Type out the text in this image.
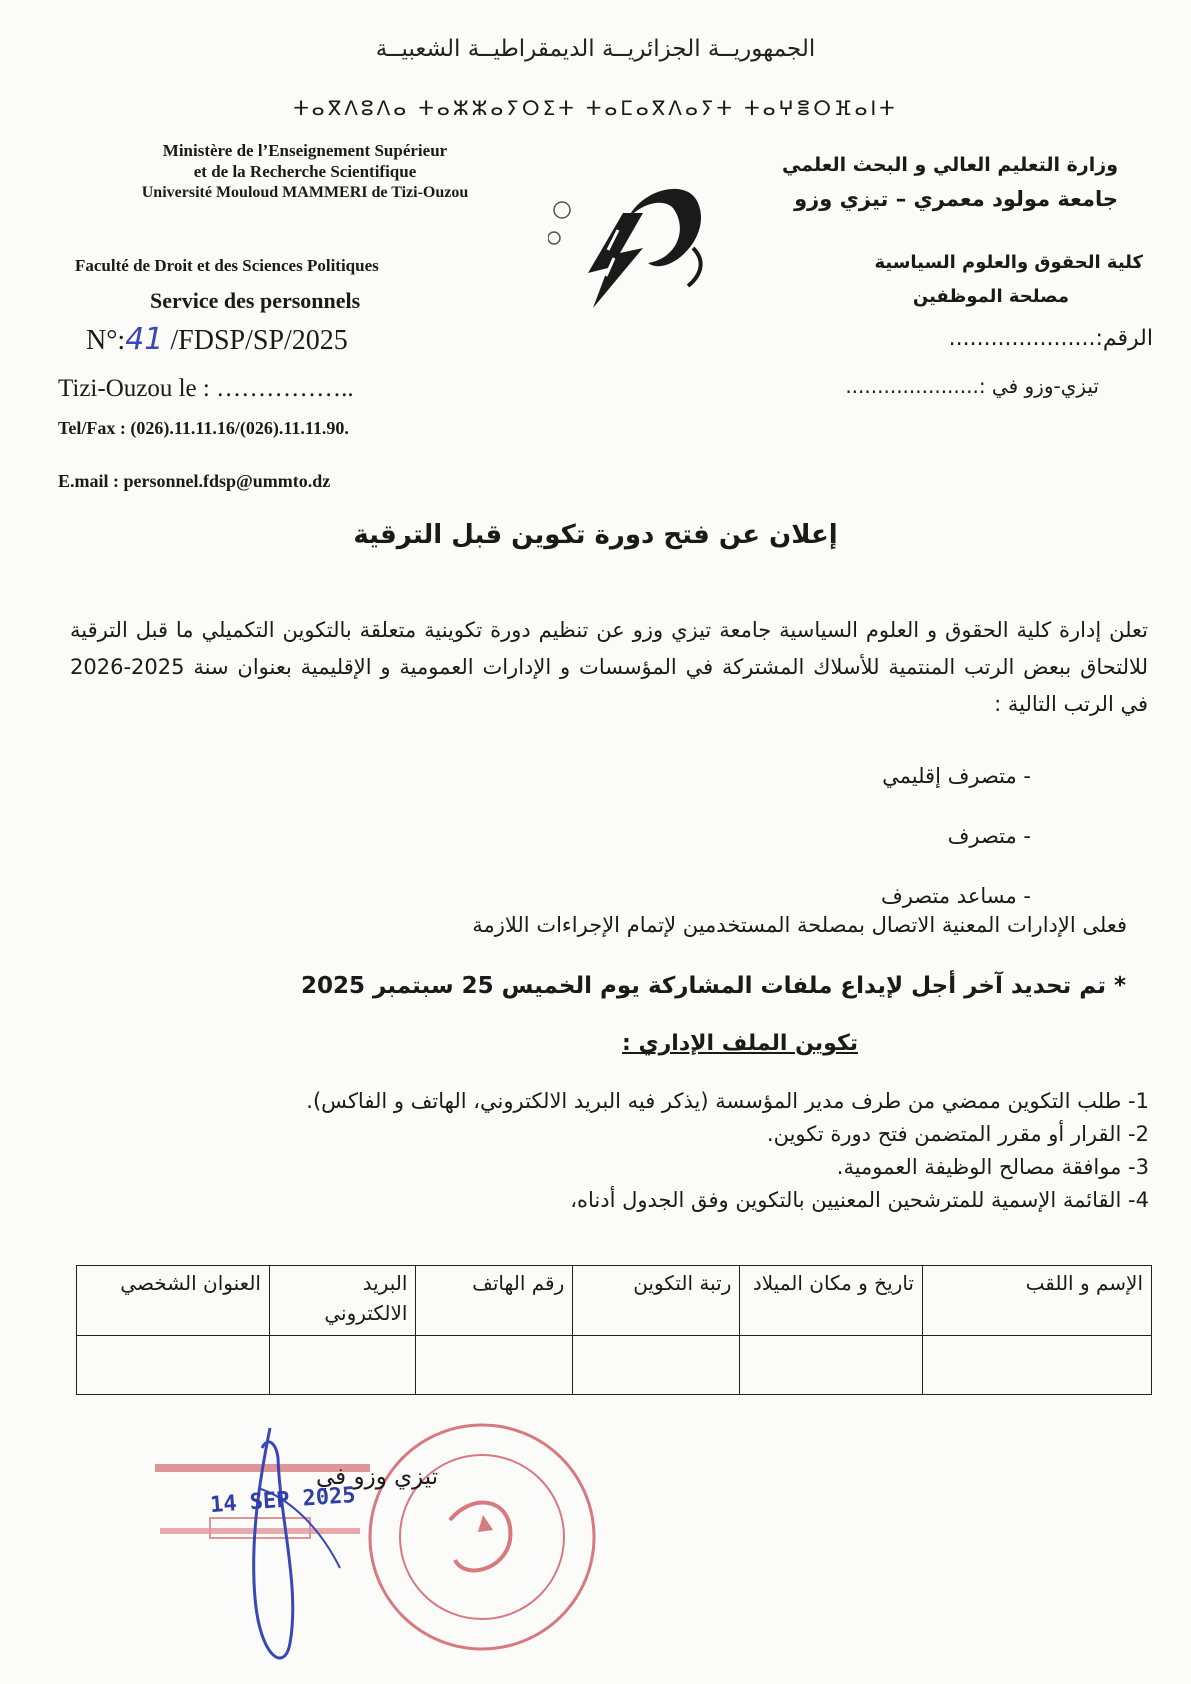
الجمهوريــة الجزائريــة الديمقراطيــة الشعبيــة
ⵜⴰⴳⴷⵓⴷⴰ ⵜⴰⵣⵣⴰⵢⵔⵉⵜ ⵜⴰⵎⴰⴳⴷⴰⵢⵜ ⵜⴰⵖⴻⵔⴼⴰⵏⵜ
Ministère de l’Enseignement Supérieur
et de la Recherche Scientifique
Université Mouloud MAMMERI de Tizi-Ouzou
وزارة التعليم العالي و البحث العلمي
جامعة مولود معمري – تيزي وزو
Faculté de Droit et des Sciences Politiques
Service des personnels
N°:41 /FDSP/SP/2025
Tizi-Ouzou le : ……………..
Tel/Fax : (026).11.11.16/(026).11.11.90.
E.mail : personnel.fdsp@ummto.dz
كلية الحقوق والعلوم السياسية
مصلحة الموظفين
الرقم:.....................
تيزي-وزو في :.....................
إعلان عن فتح دورة تكوين قبل الترقية
تعلن إدارة كلية الحقوق و العلوم السياسية جامعة تيزي وزو عن تنظيم دورة تكوينية متعلقة بالتكوين التكميلي ما قبل الترقية للالتحاق ببعض الرتب المنتمية للأسلاك المشتركة في المؤسسات و الإدارات العمومية و الإقليمية بعنوان سنة 2025-2026 في الرتب التالية :
- متصرف إقليمي
- متصرف
- مساعد متصرف
فعلى الإدارات المعنية الاتصال بمصلحة المستخدمين لإتمام الإجراءات اللازمة
* تم تحديد آخر أجل لإيداع ملفات المشاركة يوم الخميس 25 سبتمبر 2025
تكوين الملف الإداري :
1- طلب التكوين ممضي من طرف مدير المؤسسة (يذكر فيه البريد الالكتروني، الهاتف و الفاكس).
2- القرار أو مقرر المتضمن فتح دورة تكوين.
3- موافقة مصالح الوظيفة العمومية.
4- القائمة الإسمية للمترشحين المعنيين بالتكوين وفق الجدول أدناه،
الإسم و اللقب	تاريخ و مكان الميلاد	رتبة التكوين	رقم الهاتف	البريد الالكتروني	العنوان الشخصي

تيزي وزو في
14 SEP 2025
